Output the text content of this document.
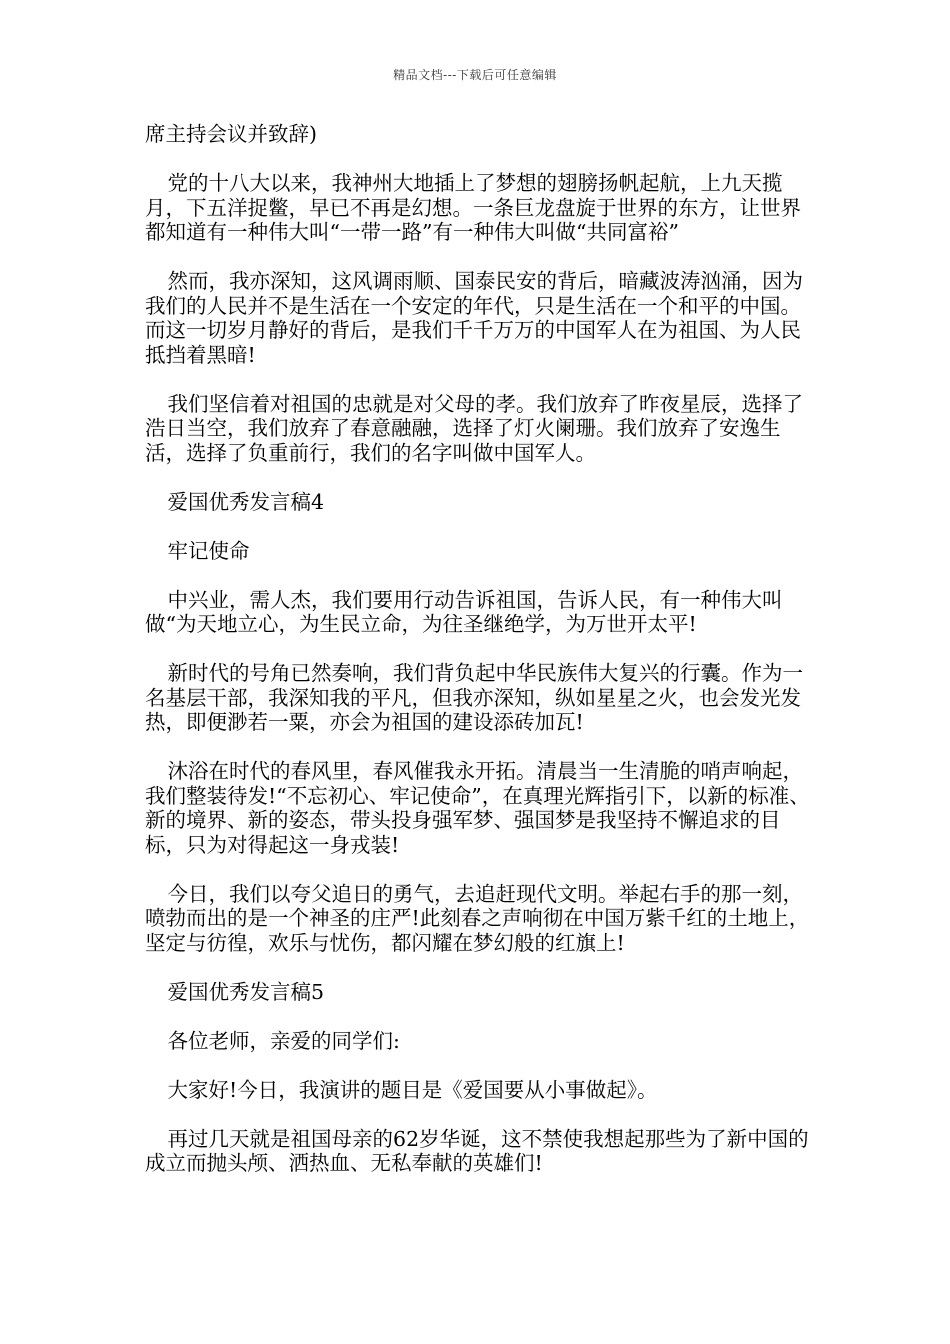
精品文档---下载后可任意编辑

席主持会议并致辞)

党的十八大以来，我神州大地插上了梦想的翅膀扬帆起航，上九天揽月，下五洋捉鳖，早已不再是幻想。一条巨龙盘旋于世界的东方，让世界都知道有一种伟大叫“一带一路”有一种伟大叫做“共同富裕”

然而，我亦深知，这风调雨顺、国泰民安的背后，暗藏波涛汹涌，因为我们的人民并不是生活在一个安定的年代，只是生活在一个和平的中国。而这一切岁月静好的背后，是我们千千万万的中国军人在为祖国、为人民抵挡着黑暗!

我们坚信着对祖国的忠就是对父母的孝。我们放弃了昨夜星辰，选择了浩日当空，我们放弃了春意融融，选择了灯火阑珊。我们放弃了安逸生活，选择了负重前行，我们的名字叫做中国军人。

爱国优秀发言稿4

牢记使命

中兴业，需人杰，我们要用行动告诉祖国，告诉人民，有一种伟大叫做“为天地立心，为生民立命，为往圣继绝学，为万世开太平!

新时代的号角已然奏响，我们背负起中华民族伟大复兴的行囊。作为一名基层干部，我深知我的平凡，但我亦深知，纵如星星之火，也会发光发热，即便渺若一粟，亦会为祖国的建设添砖加瓦!

沐浴在时代的春风里，春风催我永开拓。清晨当一生清脆的哨声响起，我们整装待发!“不忘初心、牢记使命”，在真理光辉指引下，以新的标准、新的境界、新的姿态，带头投身强军梦、强国梦是我坚持不懈追求的目标，只为对得起这一身戎装!

今日，我们以夸父追日的勇气，去追赶现代文明。举起右手的那一刻，喷勃而出的是一个神圣的庄严!此刻春之声响彻在中国万紫千红的土地上，坚定与彷徨，欢乐与忧伤，都闪耀在梦幻般的红旗上!

爱国优秀发言稿5

各位老师，亲爱的同学们:

大家好!今日，我演讲的题目是《爱国要从小事做起》。

再过几天就是祖国母亲的62岁华诞，这不禁使我想起那些为了新中国的成立而抛头颅、洒热血、无私奉献的英雄们!
